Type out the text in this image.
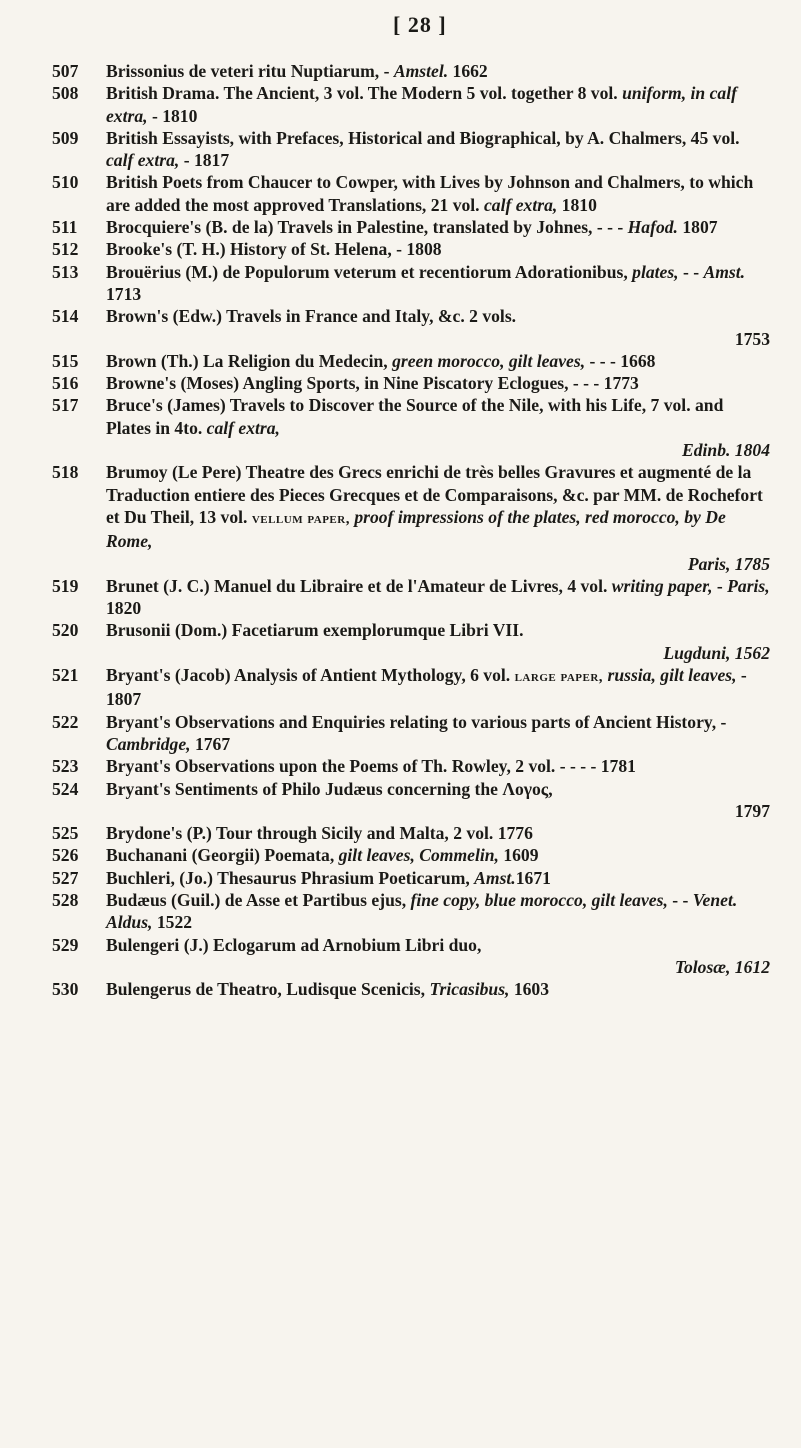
[ 28 ]

507	Brissonius de veteri ritu Nuptiarum, - Amstel. 1662

508	British Drama. The Ancient, 3 vol. The Modern 5 vol. together 8 vol. uniform, in calf extra, - 1810

509	British Essayists, with Prefaces, Historical and Biographical, by A. Chalmers, 45 vol. calf extra, - 1817

510	British Poets from Chaucer to Cowper, with Lives by Johnson and Chalmers, to which are added the most approved Translations, 21 vol. calf extra, 1810

511	Brocquiere's (B. de la) Travels in Palestine, translated by Johnes, - - - Hafod. 1807

512	Brooke's (T. H.) History of St. Helena, - 1808

513	Brouërius (M.) de Populorum veterum et recentiorum Adorationibus, plates, - - Amst. 1713

514	Brown's (Edw.) Travels in France and Italy, &c. 2 vols.
1753

515	Brown (Th.) La Religion du Medecin, green morocco, gilt leaves, - - - 1668

516	Browne's (Moses) Angling Sports, in Nine Piscatory Eclogues, - - - 1773

517	Bruce's (James) Travels to Discover the Source of the Nile, with his Life, 7 vol. and Plates in 4to. calf extra,
Edinb. 1804

518	Brumoy (Le Pere) Theatre des Grecs enrichi de très belles Gravures et augmenté de la Traduction entiere des Pieces Grecques et de Comparaisons, &c. par MM. de Rochefort et Du Theil, 13 vol. vellum paper, proof impressions of the plates, red morocco, by De Rome,
Paris, 1785

519	Brunet (J. C.) Manuel du Libraire et de l'Amateur de Livres, 4 vol. writing paper, - Paris, 1820

520	Brusonii (Dom.) Facetiarum exemplorumque Libri VII.
Lugduni, 1562

521	Bryant's (Jacob) Analysis of Antient Mythology, 6 vol. large paper, russia, gilt leaves, - 1807

522	Bryant's Observations and Enquiries relating to various parts of Ancient History, - Cambridge, 1767

523	Bryant's Observations upon the Poems of Th. Rowley, 2 vol. - - - - 1781

524	Bryant's Sentiments of Philo Judæus concerning the Λογος,
1797

525	Brydone's (P.) Tour through Sicily and Malta, 2 vol. 1776

526	Buchanani (Georgii) Poemata, gilt leaves, Commelin, 1609

527	Buchleri, (Jo.) Thesaurus Phrasium Poeticarum, Amst.1671

528	Budæus (Guil.) de Asse et Partibus ejus, fine copy, blue morocco, gilt leaves, - - Venet. Aldus, 1522

529	Bulengeri (J.) Eclogarum ad Arnobium Libri duo,
Tolosæ, 1612

530	Bulengerus de Theatro, Ludisque Scenicis, Tricasibus, 1603
